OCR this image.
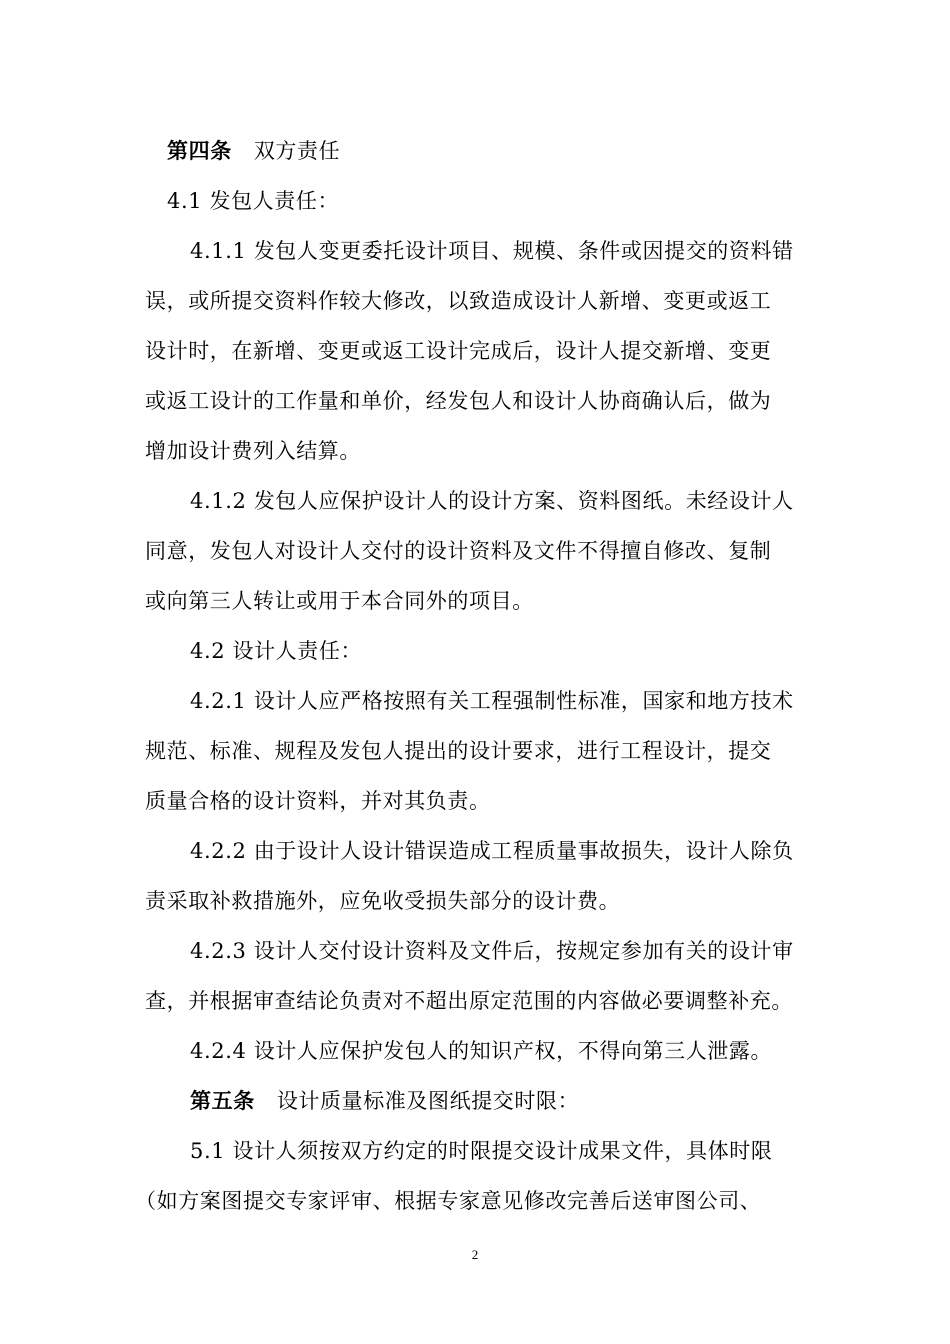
第四条 双方责任
4.1 发包人责任：
4.1.1 发包人变更委托设计项目、规模、条件或因提交的资料错
误，或所提交资料作较大修改，以致造成设计人新增、变更或返工
设计时，在新增、变更或返工设计完成后，设计人提交新增、变更
或返工设计的工作量和单价，经发包人和设计人协商确认后，做为
增加设计费列入结算。
4.1.2 发包人应保护设计人的设计方案、资料图纸。未经设计人
同意，发包人对设计人交付的设计资料及文件不得擅自修改、复制
或向第三人转让或用于本合同外的项目。
4.2 设计人责任：
4.2.1 设计人应严格按照有关工程强制性标准，国家和地方技术
规范、标准、规程及发包人提出的设计要求，进行工程设计，提交
质量合格的设计资料，并对其负责。
4.2.2 由于设计人设计错误造成工程质量事故损失，设计人除负
责采取补救措施外，应免收受损失部分的设计费。
4.2.3 设计人交付设计资料及文件后，按规定参加有关的设计审
查，并根据审查结论负责对不超出原定范围的内容做必要调整补充。
4.2.4 设计人应保护发包人的知识产权，不得向第三人泄露。
第五条 设计质量标准及图纸提交时限：
5.1 设计人须按双方约定的时限提交设计成果文件，具体时限
（如方案图提交专家评审、根据专家意见修改完善后送审图公司、
2
